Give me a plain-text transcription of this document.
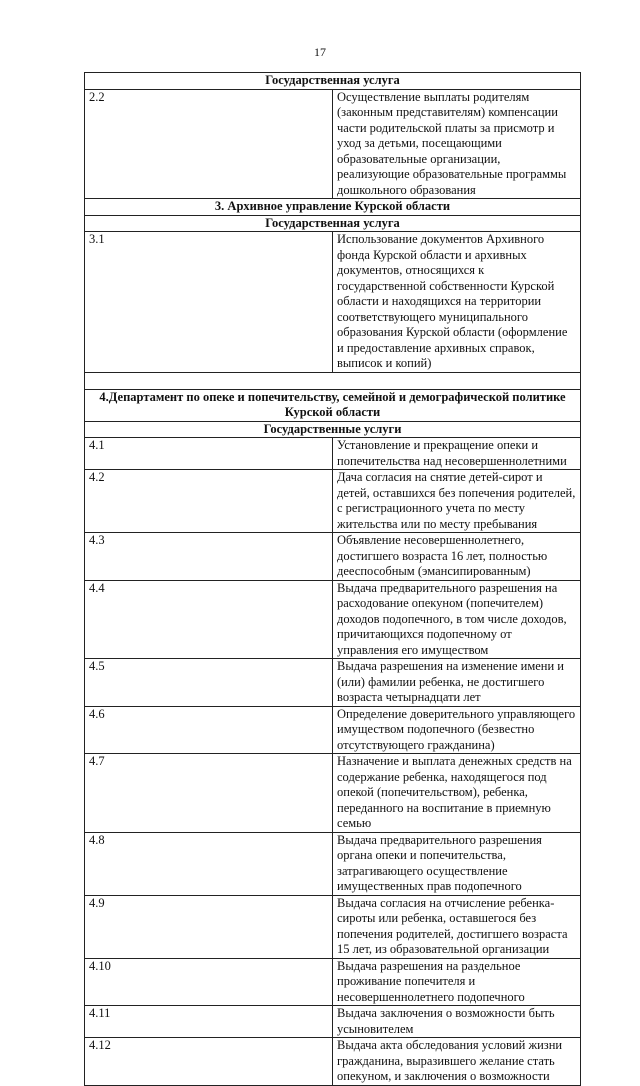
17
Государственная услуга	
2.2	Осуществление выплаты родителям (законным представителям) компенсации части родительской платы за присмотр и уход за детьми, посещающими образовательные организации, реализующие образовательные программы дошкольного образования
3. Архивное управление Курской области	
Государственная услуга	
3.1	Использование документов Архивного фонда Курской области и архивных документов, относящихся к государственной собственности Курской области и находящихся на территории соответствующего муниципального образования Курской области (оформление и предоставление архивных справок, выписок и копий)

4.Департамент по опеке и попечительству, семейной и демографической политике Курской области	
Государственные услуги	
4.1	Установление и прекращение опеки и попечительства над несовершеннолетними
4.2	Дача согласия на снятие детей-сирот и детей, оставшихся без попечения родителей, с регистрационного учета по месту жительства или по месту пребывания
4.3	Объявление несовершеннолетнего, достигшего возраста 16 лет, полностью дееспособным (эмансипированным)
4.4	Выдача предварительного разрешения на расходование опекуном (попечителем) доходов подопечного, в том числе доходов, причитающихся подопечному от управления его имуществом
4.5	Выдача разрешения на изменение имени и (или) фамилии ребенка, не достигшего возраста четырнадцати лет
4.6	Определение доверительного управляющего имуществом подопечного (безвестно отсутствующего гражданина)
4.7	Назначение и выплата денежных средств на содержание ребенка, находящегося под опекой (попечительством), ребенка, переданного на воспитание в приемную семью
4.8	Выдача предварительного разрешения органа опеки и попечительства, затрагивающего осуществление имущественных прав подопечного
4.9	Выдача согласия на отчисление ребенка-сироты или ребенка, оставшегося без попечения родителей, достигшего возраста 15 лет, из образовательной организации
4.10	Выдача разрешения на раздельное проживание попечителя и несовершеннолетнего подопечного
4.11	Выдача заключения о возможности быть усыновителем
4.12	Выдача акта обследования условий жизни гражданина, выразившего желание стать опекуном, и заключения о возможности
